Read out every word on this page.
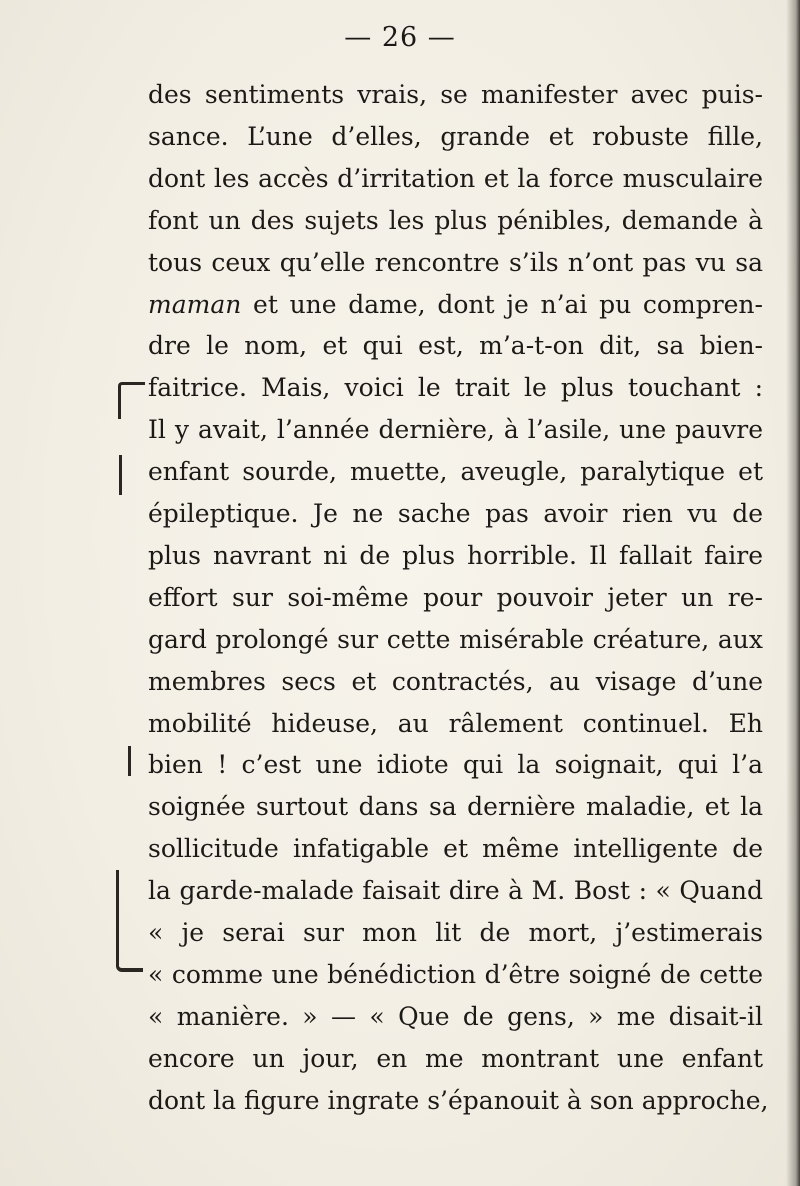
— 26 —
des sentiments vrais, se manifester avec puis-
sance. L’une d’elles, grande et robuste fille,
dont les accès d’irritation et la force musculaire
font un des sujets les plus pénibles, demande à
tous ceux qu’elle rencontre s’ils n’ont pas vu sa
maman et une dame, dont je n’ai pu compren-
dre le nom, et qui est, m’a-t-on dit, sa bien-
faitrice. Mais, voici le trait le plus touchant :
Il y avait, l’année dernière, à l’asile, une pauvre
enfant sourde, muette, aveugle, paralytique et
épileptique. Je ne sache pas avoir rien vu de
plus navrant ni de plus horrible. Il fallait faire
effort sur soi-même pour pouvoir jeter un re-
gard prolongé sur cette misérable créature, aux
membres secs et contractés, au visage d’une
mobilité hideuse, au râlement continuel. Eh
bien ! c’est une idiote qui la soignait, qui l’a
soignée surtout dans sa dernière maladie, et la
sollicitude infatigable et même intelligente de
la garde-malade faisait dire à M. Bost : « Quand
« je serai sur mon lit de mort, j’estimerais
« comme une bénédiction d’être soigné de cette
« manière. » — « Que de gens, » me disait-il
encore un jour, en me montrant une enfant
dont la figure ingrate s’épanouit à son approche,
